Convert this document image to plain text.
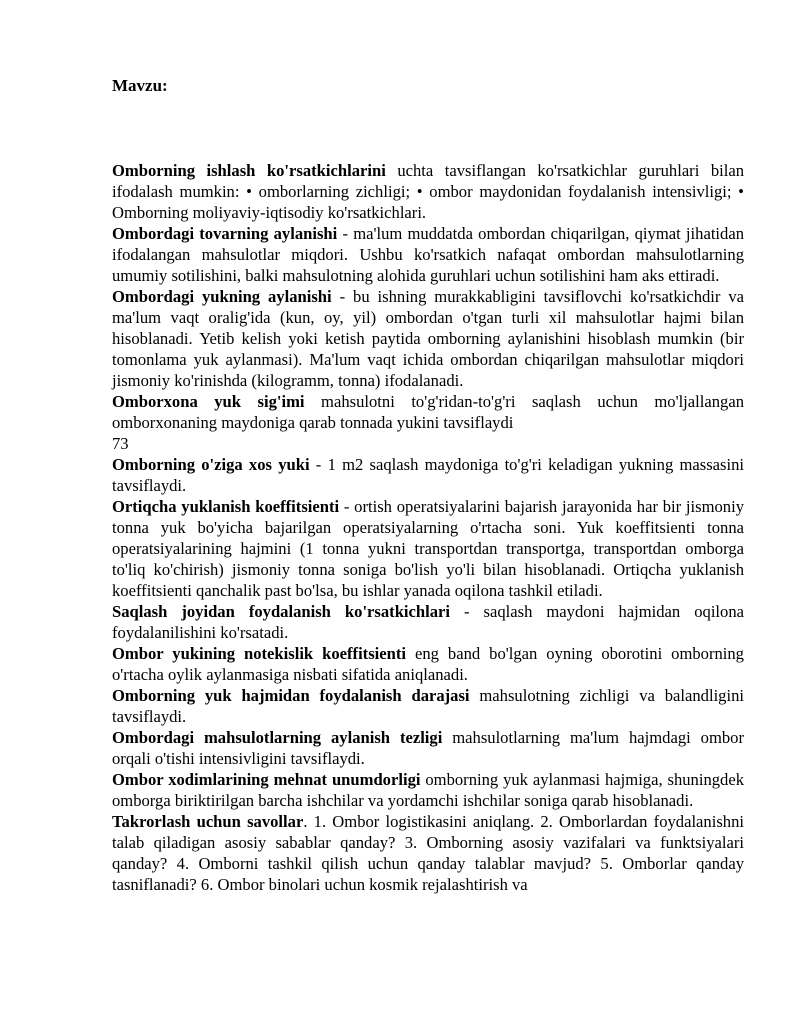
Mavzu:

Omborning ishlash ko'rsatkichlarini uchta tavsiflangan ko'rsatkichlar guruhlari bilan ifodalash mumkin: • omborlarning zichligi; • ombor maydonidan foydalanish intensivligi; • Omborning moliyaviy-iqtisodiy ko'rsatkichlari.

Ombordagi tovarning aylanishi - ma'lum muddatda ombordan chiqarilgan, qiymat jihatidan ifodalangan mahsulotlar miqdori. Ushbu ko'rsatkich nafaqat ombordan mahsulotlarning umumiy sotilishini, balki mahsulotning alohida guruhlari uchun sotilishini ham aks ettiradi.

Ombordagi yukning aylanishi - bu ishning murakkabligini tavsiflovchi ko'rsatkichdir va ma'lum vaqt oralig'ida (kun, oy, yil) ombordan o'tgan turli xil mahsulotlar hajmi bilan hisoblanadi. Yetib kelish yoki ketish paytida omborning aylanishini hisoblash mumkin (bir tomonlama yuk aylanmasi). Ma'lum vaqt ichida ombordan chiqarilgan mahsulotlar miqdori jismoniy ko'rinishda (kilogramm, tonna) ifodalanadi.

Omborxona yuk sig'imi mahsulotni to'g'ridan-to'g'ri saqlash uchun mo'ljallangan omborxonaning maydoniga qarab tonnada yukini tavsiflaydi

73

Omborning o'ziga xos yuki - 1 m2 saqlash maydoniga to'g'ri keladigan yukning massasini tavsiflaydi.

Ortiqcha yuklanish koeffitsienti - ortish operatsiyalarini bajarish jarayonida har bir jismoniy tonna yuk bo'yicha bajarilgan operatsiyalarning o'rtacha soni. Yuk koeffitsienti tonna operatsiyalarining hajmini (1 tonna yukni transportdan transportga, transportdan omborga to'liq ko'chirish) jismoniy tonna soniga bo'lish yo'li bilan hisoblanadi. Ortiqcha yuklanish koeffitsienti qanchalik past bo'lsa, bu ishlar yanada oqilona tashkil etiladi.

Saqlash joyidan foydalanish ko'rsatkichlari - saqlash maydoni hajmidan oqilona foydalanilishini ko'rsatadi.

Ombor yukining notekislik koeffitsienti eng band bo'lgan oyning oborotini omborning o'rtacha oylik aylanmasiga nisbati sifatida aniqlanadi.

Omborning yuk hajmidan foydalanish darajasi mahsulotning zichligi va balandligini tavsiflaydi.

Ombordagi mahsulotlarning aylanish tezligi mahsulotlarning ma'lum hajmdagi ombor orqali o'tishi intensivligini tavsiflaydi.

Ombor xodimlarining mehnat unumdorligi omborning yuk aylanmasi hajmiga, shuningdek omborga biriktirilgan barcha ishchilar va yordamchi ishchilar soniga qarab hisoblanadi.

Takrorlash uchun savollar. 1. Ombor logistikasini aniqlang. 2. Omborlardan foydalanishni talab qiladigan asosiy sabablar qanday? 3. Omborning asosiy vazifalari va funktsiyalari qanday? 4. Omborni tashkil qilish uchun qanday talablar mavjud? 5. Omborlar qanday tasniflanadi? 6. Ombor binolari uchun kosmik rejalashtirish va
